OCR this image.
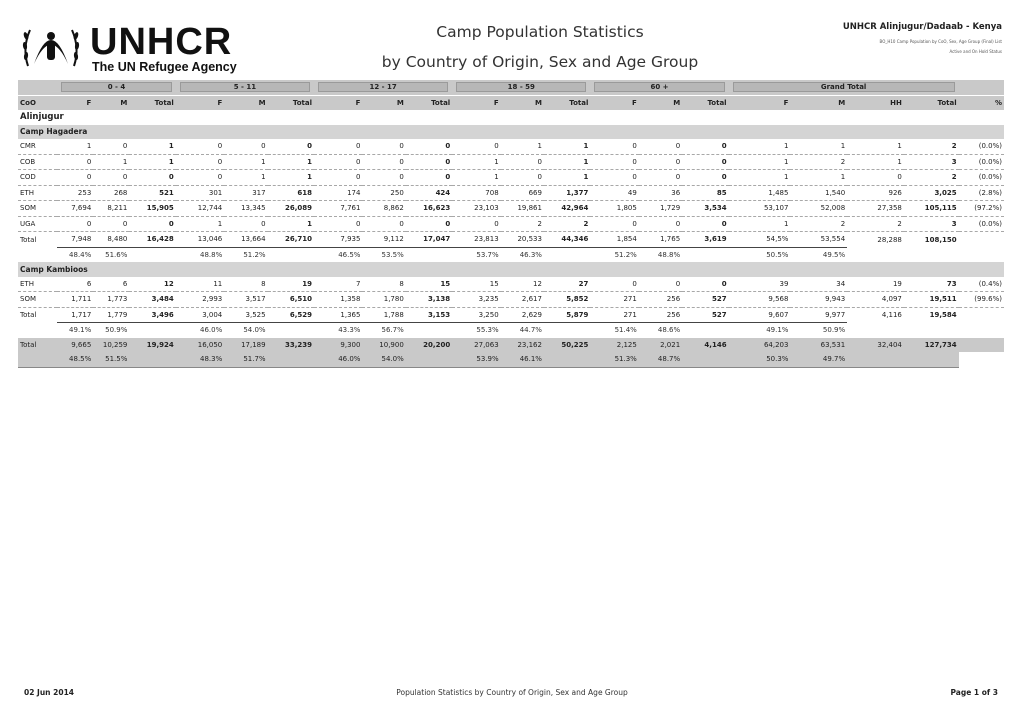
UNHCR
The UN Refugee Agency
Camp Population Statistics
by Country of Origin, Sex and Age Group
UNHCR Alinjugur/Dadaab - Kenya
BO_H10 Camp Population by CoO, Sex, Age Group (Final) List
Active and On Hold Status

	0 - 4			5 - 11			12 - 17			18 - 59			60 +			Grand Total				

CoO	F	M	Total	F	M	Total	F	M	Total	F	M	Total	F	M	Total	F	M	HH	Total	%
Alinjugur																				
Camp Hagadera																				
CMR	1	0	1	0	0	0	0	0	0	0	1	1	0	0	0	1	1	1	2	(0.0%)
COB	0	1	1	0	1	1	0	0	0	1	0	1	0	0	0	1	2	1	3	(0.0%)
COD	0	0	0	0	1	1	0	0	0	1	0	1	0	0	0	1	1	0	2	(0.0%)
ETH	253	268	521	301	317	618	174	250	424	708	669	1,377	49	36	85	1,485	1,540	926	3,025	(2.8%)
SOM	7,694	8,211	15,905	12,744	13,345	26,089	7,761	8,862	16,623	23,103	19,861	42,964	1,805	1,729	3,534	53,107	52,008	27,358	105,115	(97.2%)
UGA	0	0	0	1	0	1	0	0	0	0	2	2	0	0	0	1	2	2	3	(0.0%)
Total	7,948	8,480	16,428	13,046	13,664	26,710	7,935	9,112	17,047	23,813	20,533	44,346	1,854	1,765	3,619	54,5%	53,554	28,288	108,150	
	48.4%	51.6%		48.8%	51.2%		46.5%	53.5%		53.7%	46.3%		51.2%	48.8%		50.5%	49.5%			
Camp Kambioos																				
ETH	6	6	12	11	8	19	7	8	15	15	12	27	0	0	0	39	34	19	73	(0.4%)
SOM	1,711	1,773	3,484	2,993	3,517	6,510	1,358	1,780	3,138	3,235	2,617	5,852	271	256	527	9,568	9,943	4,097	19,511	(99.6%)
Total	1,717	1,779	3,496	3,004	3,525	6,529	1,365	1,788	3,153	3,250	2,629	5,879	271	256	527	9,607	9,977	4,116	19,584	
	49.1%	50.9%		46.0%	54.0%		43.3%	56.7%		55.3%	44.7%		51.4%	48.6%		49.1%	50.9%			
Total	9,665	10,259	19,924	16,050	17,189	33,239	9,300	10,900	20,200	27,063	23,162	50,225	2,125	2,021	4,146	64,203	63,531	32,404	127,734	
	48.5%	51.5%		48.3%	51.7%		46.0%	54.0%		53.9%	46.1%		51.3%	48.7%		50.3%	49.7%			
02 Jun 2014	Population Statistics by Country of Origin, Sex and Age Group	Page 1 of 3
